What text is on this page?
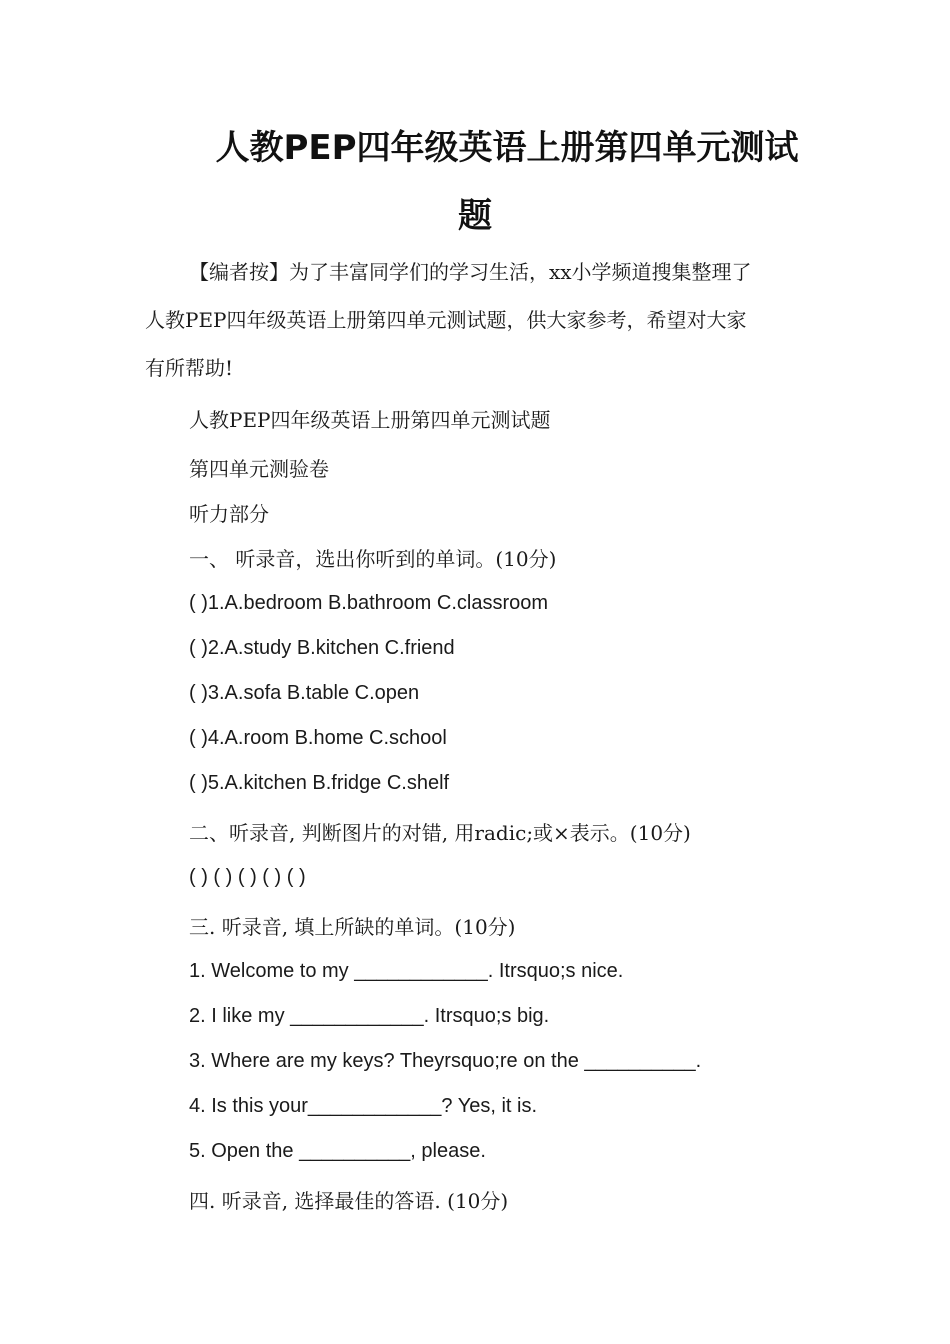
人教PEP四年级英语上册第四单元测试
题
【编者按】为了丰富同学们的学习生活，xx小学频道搜集整理了
人教PEP四年级英语上册第四单元测试题，供大家参考，希望对大家
有所帮助!
人教PEP四年级英语上册第四单元测试题
第四单元测验卷
听力部分
一、 听录音，选出你听到的单词。(10分)
( )1.A.bedroom B.bathroom C.classroom
( )2.A.study B.kitchen C.friend
( )3.A.sofa B.table C.open
( )4.A.room B.home C.school
( )5.A.kitchen B.fridge C.shelf
二、听录音, 判断图片的对错, 用radic;或×表示。(10分)
( ) ( ) ( ) ( ) ( )
三. 听录音, 填上所缺的单词。(10分)
1. Welcome to my ____________. Itrsquo;s nice.
2. I like my ____________. Itrsquo;s big.
3. Where are my keys? Theyrsquo;re on the __________.
4. Is this your____________? Yes, it is.
5. Open the __________, please.
四. 听录音, 选择最佳的答语. (10分)
